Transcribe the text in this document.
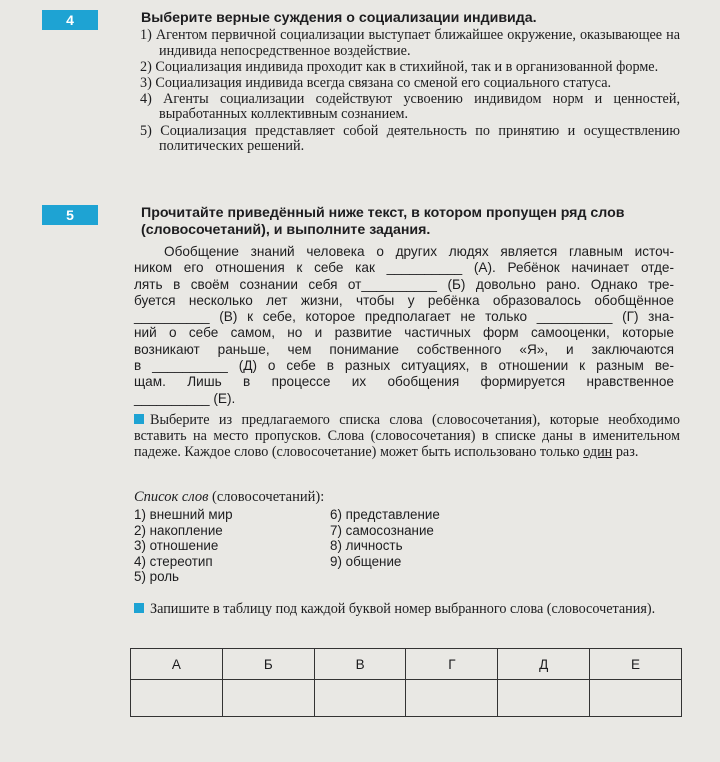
4	Выберите верные суждения о социализации индивида.
1) Агентом первичной социализации выступает ближайшее окружение, оказывающее на индивида непосредственное воздействие.
2) Социализация индивида проходит как в стихийной, так и в организованной форме.
3) Социализация индивида всегда связана со сменой его социального статуса.
4) Агенты социализации содействуют усвоению индивидом норм и ценностей, выработанных коллективным сознанием.
5) Социализация представляет собой деятельность по принятию и осуществлению политических решений.
5	Прочитайте приведённый ниже текст, в котором пропущен ряд слов (словосочетаний), и выполните задания.
Обобщение знаний человека о других людях является главным источ-
ником его отношения к себе как __________ (А). Ребёнок начинает отде-
лять в своём сознании себя от__________ (Б) довольно рано. Однако тре-
буется несколько лет жизни, чтобы у ребёнка образовалось обобщённое
__________ (В) к себе, которое предполагает не только __________ (Г) зна-
ний о себе самом, но и развитие частичных форм самооценки, которые
возникают раньше, чем понимание собственного «Я», и заключаются
в __________ (Д) о себе в разных ситуациях, в отношении к разным ве-
щам. Лишь в процессе их обобщения формируется нравственное
__________ (Е).

Выберите из предлагаемого списка слова (словосочетания), которые необходимо вставить на место пропусков. Слова (словосочетания) в списке даны в именительном падеже. Каждое слово (словосочетание) может быть использовано только один раз.

Список слов (словосочетаний):
1) внешний мир
2) накопление
3) отношение
4) стереотип
5) роль
6) представление
7) самосознание
8) личность
9) общение

Запишите в таблицу под каждой буквой номер выбранного слова (словосочетания).

А	Б	В	Г	Д	Е
